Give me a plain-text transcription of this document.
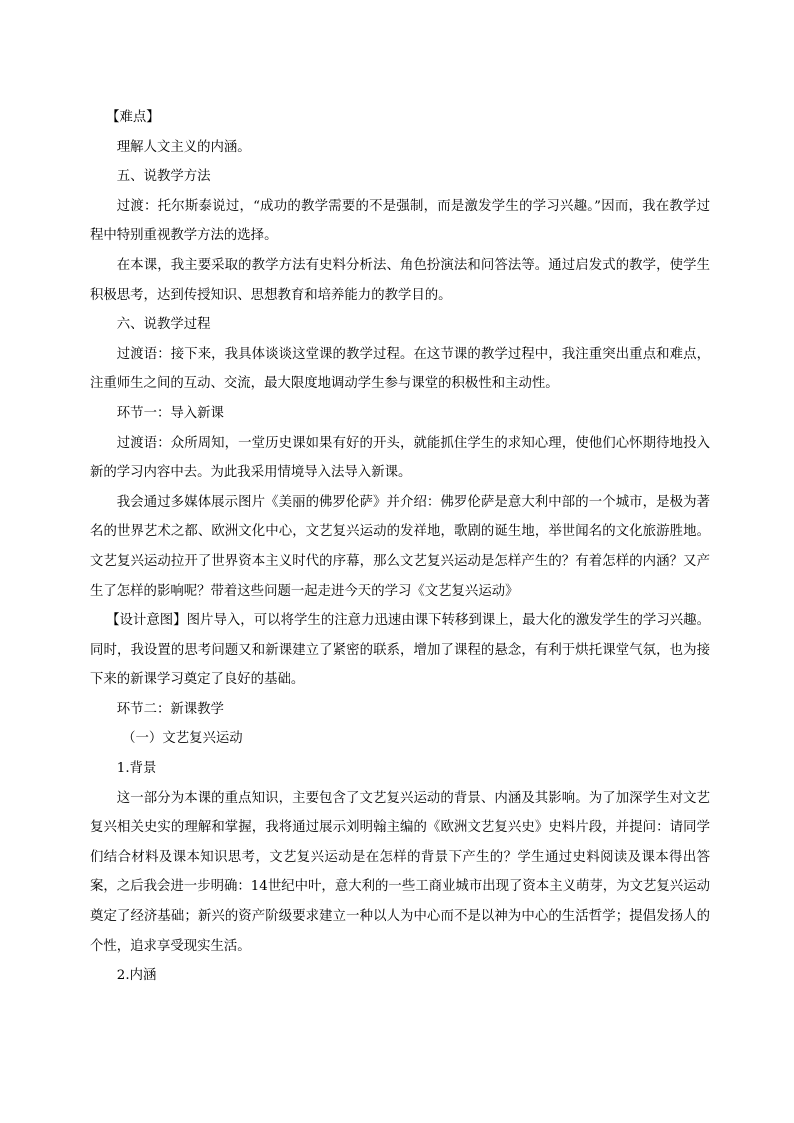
【难点】

理解人文主义的内涵。

五、说教学方法

过渡：托尔斯泰说过，“成功的教学需要的不是强制，而是激发学生的学习兴趣。”因而，我在教学过程中特别重视教学方法的选择。

在本课，我主要采取的教学方法有史料分析法、角色扮演法和问答法等。通过启发式的教学，使学生积极思考，达到传授知识、思想教育和培养能力的教学目的。

六、说教学过程

过渡语：接下来，我具体谈谈这堂课的教学过程。在这节课的教学过程中，我注重突出重点和难点，注重师生之间的互动、交流，最大限度地调动学生参与课堂的积极性和主动性。

环节一：导入新课

过渡语：众所周知，一堂历史课如果有好的开头，就能抓住学生的求知心理，使他们心怀期待地投入新的学习内容中去。为此我采用情境导入法导入新课。

我会通过多媒体展示图片《美丽的佛罗伦萨》并介绍：佛罗伦萨是意大利中部的一个城市，是极为著名的世界艺术之都、欧洲文化中心，文艺复兴运动的发祥地，歌剧的诞生地，举世闻名的文化旅游胜地。文艺复兴运动拉开了世界资本主义时代的序幕，那么文艺复兴运动是怎样产生的？有着怎样的内涵？又产生了怎样的影响呢？带着这些问题一起走进今天的学习《文艺复兴运动》

【设计意图】图片导入，可以将学生的注意力迅速由课下转移到课上，最大化的激发学生的学习兴趣。同时，我设置的思考问题又和新课建立了紧密的联系，增加了课程的悬念，有利于烘托课堂气氛，也为接下来的新课学习奠定了良好的基础。

环节二：新课教学

（一）文艺复兴运动

1.背景

这一部分为本课的重点知识，主要包含了文艺复兴运动的背景、内涵及其影响。为了加深学生对文艺复兴相关史实的理解和掌握，我将通过展示刘明翰主编的《欧洲文艺复兴史》史料片段，并提问：请同学们结合材料及课本知识思考，文艺复兴运动是在怎样的背景下产生的？学生通过史料阅读及课本得出答案，之后我会进一步明确：14世纪中叶，意大利的一些工商业城市出现了资本主义萌芽，为文艺复兴运动奠定了经济基础；新兴的资产阶级要求建立一种以人为中心而不是以神为中心的生活哲学；提倡发扬人的个性，追求享受现实生活。

2.内涵
